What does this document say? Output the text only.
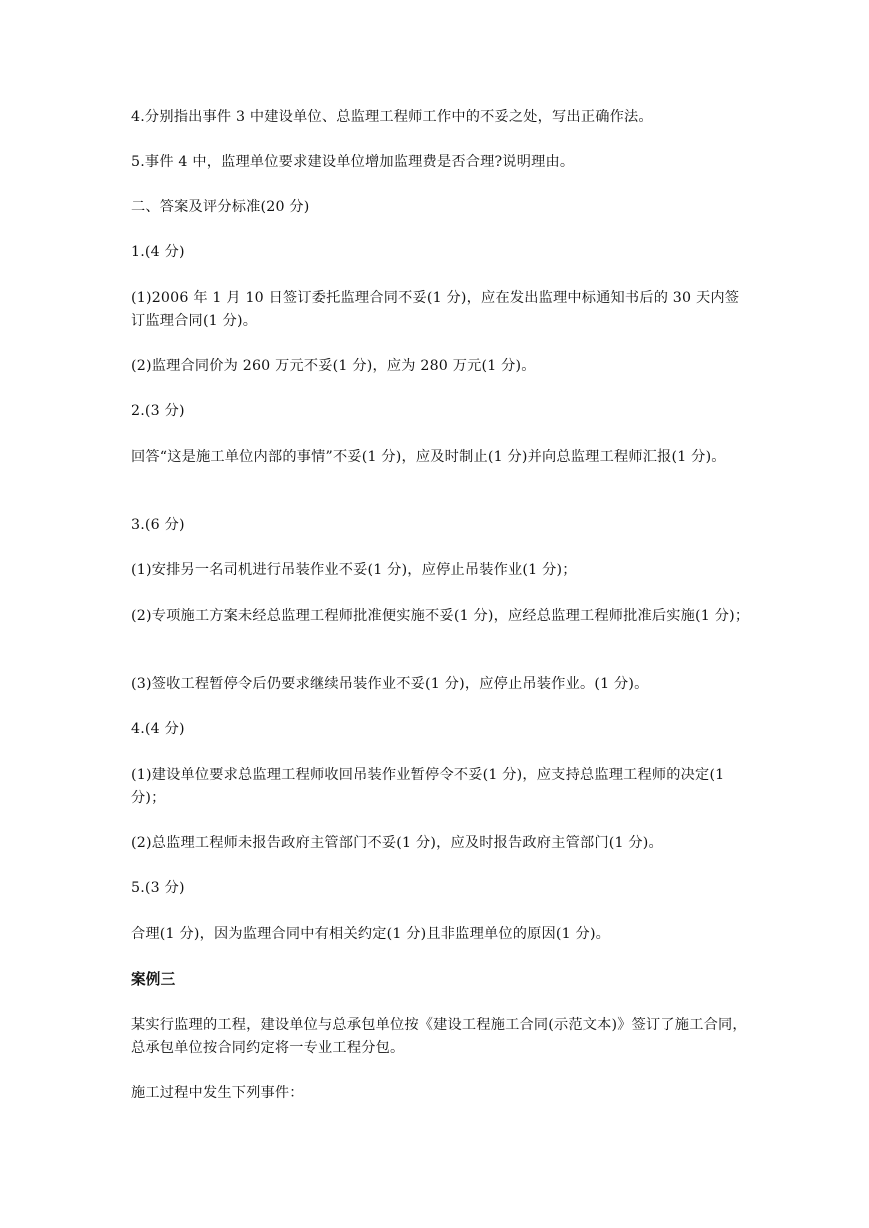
4.分别指出事件 3 中建设单位、总监理工程师工作中的不妥之处，写出正确作法。

5.事件 4 中，监理单位要求建设单位增加监理费是否合理?说明理由。

二、答案及评分标准(20 分)

1.(4 分)

(1)2006 年 1 月 10 日签订委托监理合同不妥(1 分)，应在发出监理中标通知书后的 30 天内签订监理合同(1 分)。

(2)监理合同价为 260 万元不妥(1 分)，应为 280 万元(1 分)。

2.(3 分)

回答“这是施工单位内部的事情”不妥(1 分)，应及时制止(1 分)并向总监理工程师汇报(1 分)。

3.(6 分)

(1)安排另一名司机进行吊装作业不妥(1 分)，应停止吊装作业(1 分)；

(2)专项施工方案未经总监理工程师批准便实施不妥(1 分)，应经总监理工程师批准后实施(1 分)；

(3)签收工程暂停令后仍要求继续吊装作业不妥(1 分)，应停止吊装作业。(1 分)。

4.(4 分)

(1)建设单位要求总监理工程师收回吊装作业暂停令不妥(1 分)，应支持总监理工程师的决定(1 分)；

(2)总监理工程师未报告政府主管部门不妥(1 分)，应及时报告政府主管部门(1 分)。

5.(3 分)

合理(1 分)，因为监理合同中有相关约定(1 分)且非监理单位的原因(1 分)。

案例三

某实行监理的工程，建设单位与总承包单位按《建设工程施工合同(示范文本)》签订了施工合同，总承包单位按合同约定将一专业工程分包。

施工过程中发生下列事件：
